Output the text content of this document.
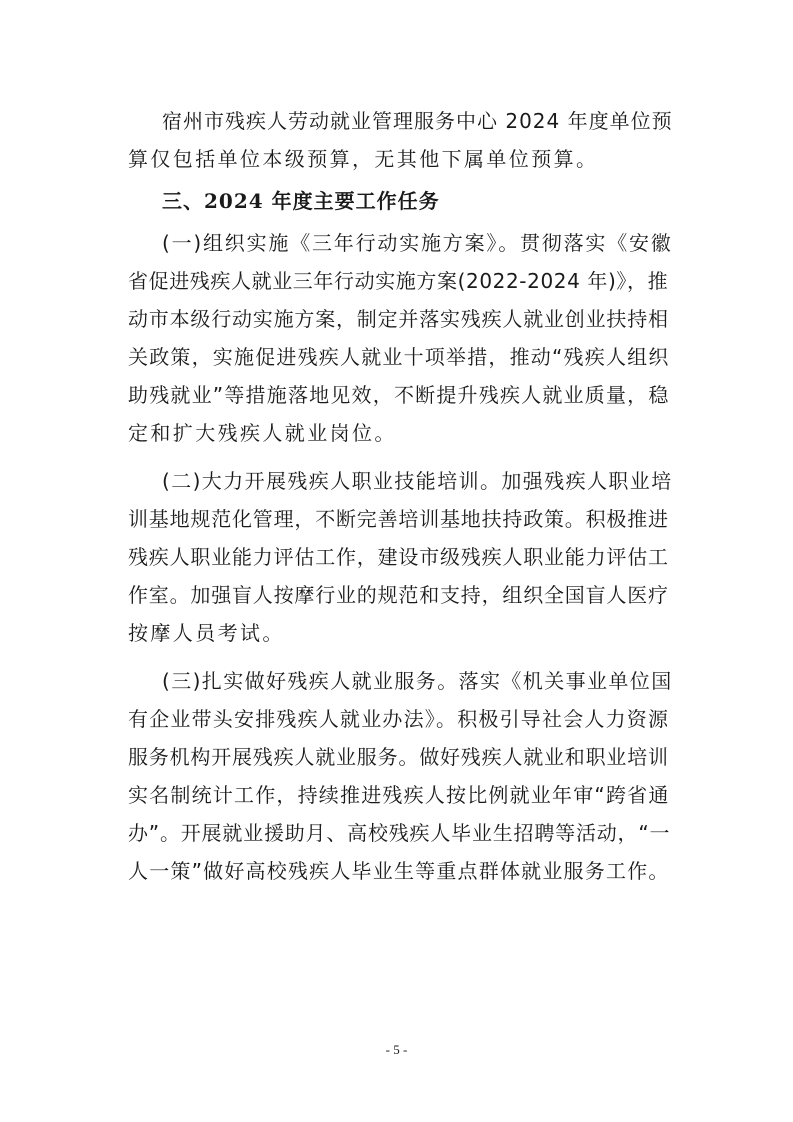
宿州市残疾人劳动就业管理服务中心 2024 年度单位预
算仅包括单位本级预算，无其他下属单位预算。
三、2024 年度主要工作任务
(一)组织实施《三年行动实施方案》。贯彻落实《安徽
省促进残疾人就业三年行动实施方案(2022-2024 年)》，推
动市本级行动实施方案，制定并落实残疾人就业创业扶持相
关政策，实施促进残疾人就业十项举措，推动“残疾人组织
助残就业”等措施落地见效，不断提升残疾人就业质量，稳
定和扩大残疾人就业岗位。
(二)大力开展残疾人职业技能培训。加强残疾人职业培
训基地规范化管理，不断完善培训基地扶持政策。积极推进
残疾人职业能力评估工作，建设市级残疾人职业能力评估工
作室。加强盲人按摩行业的规范和支持，组织全国盲人医疗
按摩人员考试。
(三)扎实做好残疾人就业服务。落实《机关事业单位国
有企业带头安排残疾人就业办法》。积极引导社会人力资源
服务机构开展残疾人就业服务。做好残疾人就业和职业培训
实名制统计工作，持续推进残疾人按比例就业年审“跨省通
办”。开展就业援助月、高校残疾人毕业生招聘等活动，“一
人一策”做好高校残疾人毕业生等重点群体就业服务工作。
- 5 -
